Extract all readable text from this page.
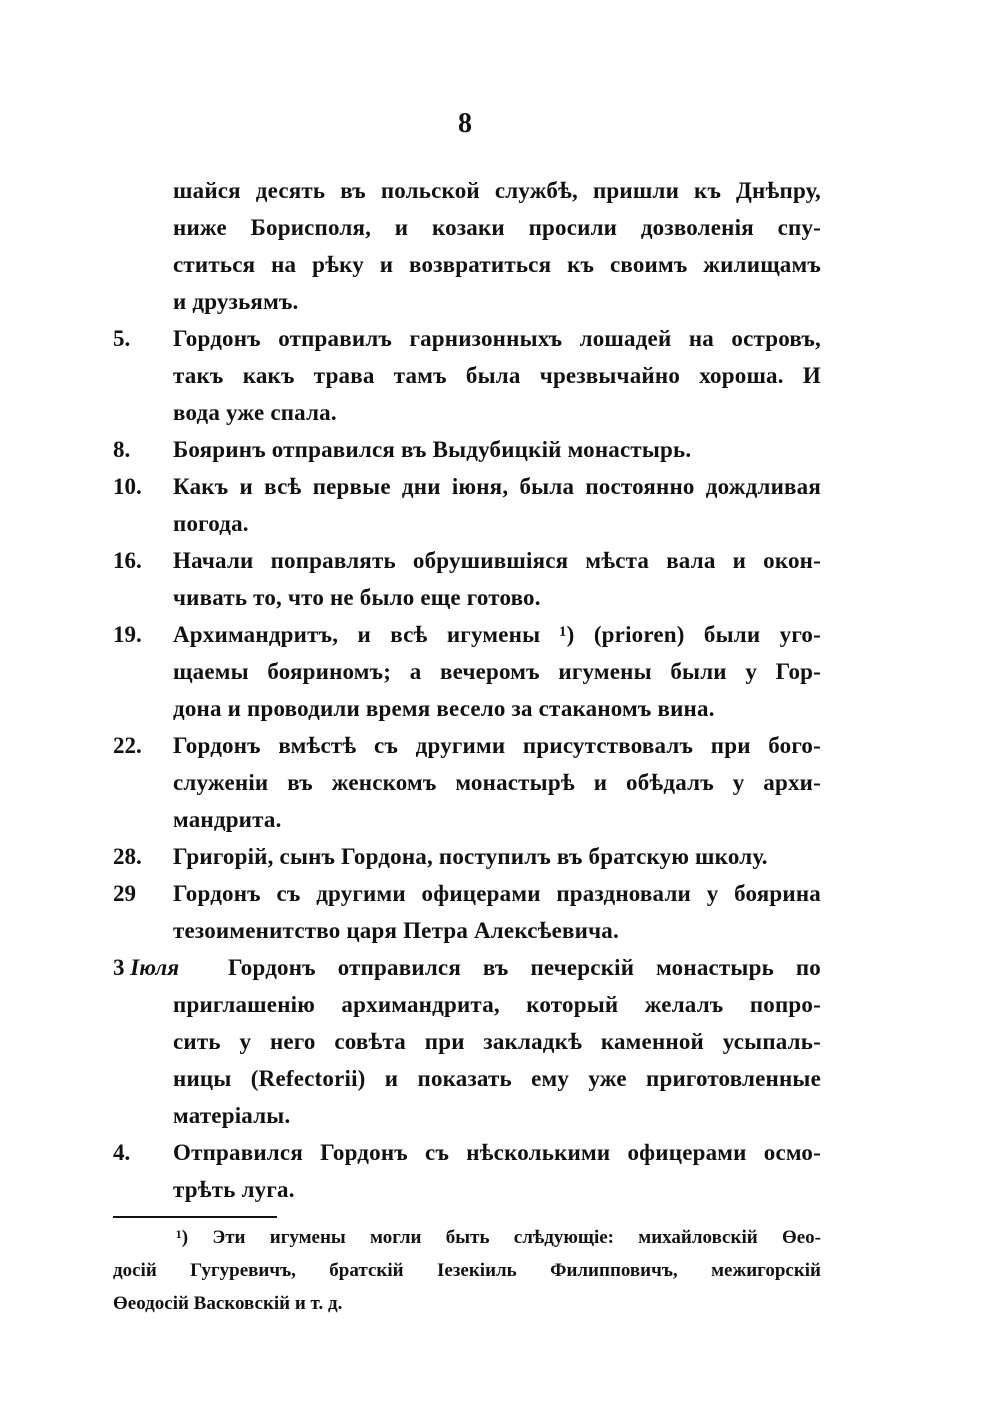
8
шайся десять въ польской службѣ, пришли къ Днѣпру,
ниже Борисполя, и козаки просили дозволенія спу-
ститься на рѣку и возвратиться къ своимъ жилищамъ
и друзьямъ.
5.	Гордонъ отправилъ гарнизонныхъ лошадей на островъ,
такъ какъ трава тамъ была чрезвычайно хороша. И
вода уже спала.
8.	Бояринъ отправился въ Выдубицкій монастырь.
10.	Какъ и всѣ первые дни іюня, была постоянно дождливая
погода.
16.	Начали поправлять обрушившіяся мѣста вала и окон-
чивать то, что не было еще готово.
19.	Архимандритъ, и всѣ игумены ¹) (prioren) были уго-
щаемы бояриномъ; а вечеромъ игумены были у Гор-
дона и проводили время весело за стаканомъ вина.
22.	Гордонъ вмѣстѣ съ другими присутствовалъ при бого-
служеніи въ женскомъ монастырѣ и обѣдалъ у архи-
мандрита.
28.	Григорій, сынъ Гордона, поступилъ въ братскую школу.
29	Гордонъ съ другими офицерами праздновали у боярина
тезоименитство царя Петра Алексѣевича.
3 Іюля Гордонъ отправился въ печерскій монастырь по
приглашенію архимандрита, который желалъ попро-
сить у него совѣта при закладкѣ каменной усыпаль-
ницы (Refectorii) и показать ему уже приготовленные
матеріалы.
4.	Отправился Гордонъ съ нѣсколькими офицерами осмо-
трѣть луга.
¹) Эти игумены могли быть слѣдующіе: михайловскій Өео-
досій Гугуревичъ, братскій Іезекіиль Филипповичъ, межигорскій
Өеодосій Васковскій и т. д.
